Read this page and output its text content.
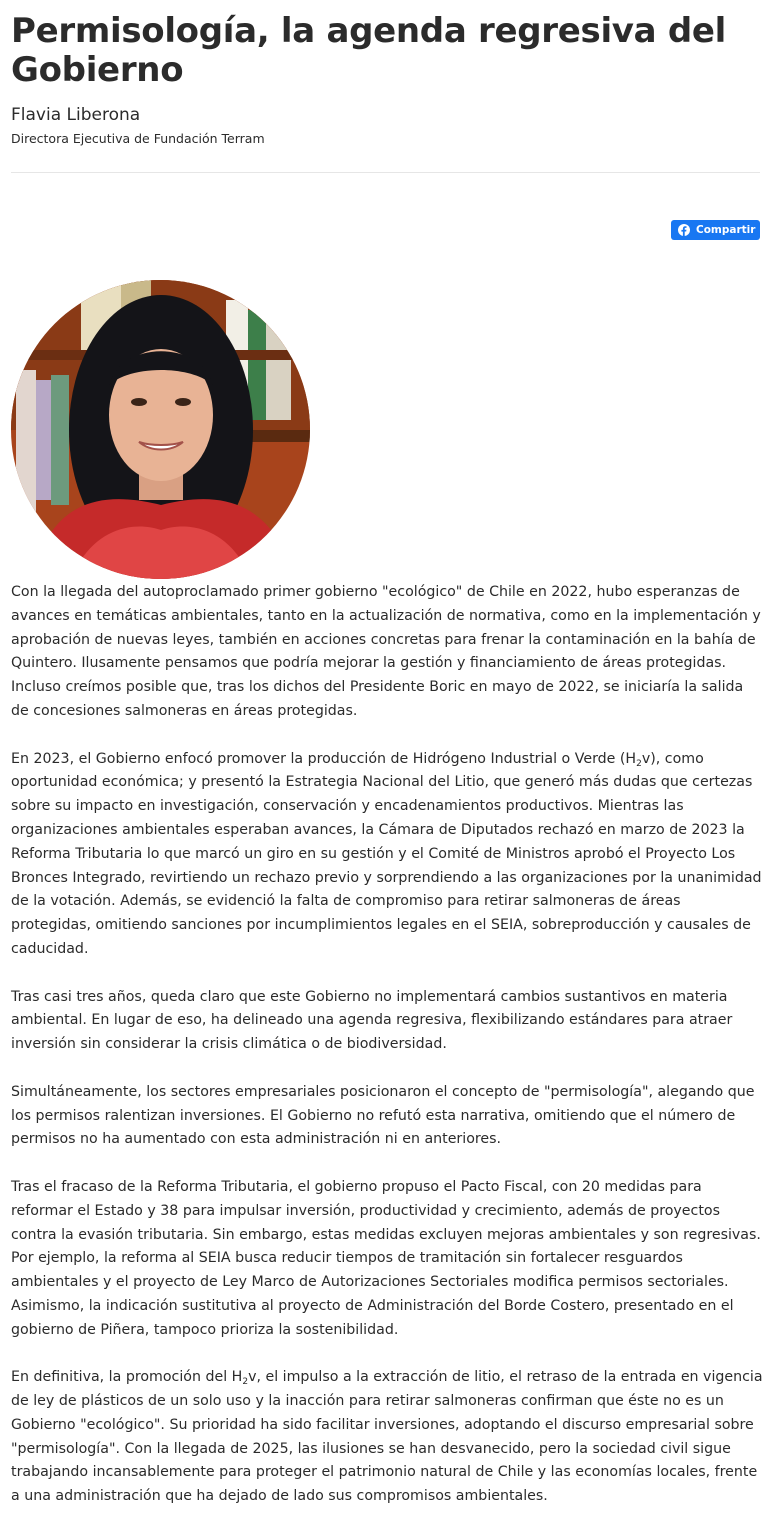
Permisología, la agenda regresiva del Gobierno
Flavia Liberona
Directora Ejecutiva de Fundación Terram
Compartir

Con la llegada del autoproclamado primer gobierno "ecológico" de Chile en 2022, hubo esperanzas de avances en temáticas ambientales, tanto en la actualización de normativa, como en la implementación y aprobación de nuevas leyes, también en acciones concretas para frenar la contaminación en la bahía de Quintero. Ilusamente pensamos que podría mejorar la gestión y financiamiento de áreas protegidas. Incluso creímos posible que, tras los dichos del Presidente Boric en mayo de 2022, se iniciaría la salida de concesiones salmoneras en áreas protegidas.

En 2023, el Gobierno enfocó promover la producción de Hidrógeno Industrial o Verde $(H_2v)$, como oportunidad económica; y presentó la Estrategia Nacional del Litio, que generó más dudas que certezas sobre su impacto en investigación, conservación y encadenamientos productivos. Mientras las organizaciones ambientales esperaban avances, la Cámara de Diputados rechazó en marzo de 2023 la Reforma Tributaria lo que marcó un giro en su gestión y el Comité de Ministros aprobó el Proyecto Los Bronces Integrado, revirtiendo un rechazo previo y sorprendiendo a las organizaciones por la unanimidad de la votación. Además, se evidenció la falta de compromiso para retirar salmoneras de áreas protegidas, omitiendo sanciones por incumplimientos legales en el SEIA, sobreproducción y causales de caducidad.

Tras casi tres años, queda claro que este Gobierno no implementará cambios sustantivos en materia ambiental. En lugar de eso, ha delineado una agenda regresiva, flexibilizando estándares para atraer inversión sin considerar la crisis climática o de biodiversidad.

Simultáneamente, los sectores empresariales posicionaron el concepto de "permisología", alegando que los permisos ralentizan inversiones. El Gobierno no refutó esta narrativa, omitiendo que el número de permisos no ha aumentado con esta administración ni en anteriores.

Tras el fracaso de la Reforma Tributaria, el gobierno propuso el Pacto Fiscal, con 20 medidas para reformar el Estado y 38 para impulsar inversión, productividad y crecimiento, además de proyectos contra la evasión tributaria. Sin embargo, estas medidas excluyen mejoras ambientales y son regresivas. Por ejemplo, la reforma al SEIA busca reducir tiempos de tramitación sin fortalecer resguardos ambientales y el proyecto de Ley Marco de Autorizaciones Sectoriales modifica permisos sectoriales. Asimismo, la indicación sustitutiva al proyecto de Administración del Borde Costero, presentado en el gobierno de Piñera, tampoco prioriza la sostenibilidad.

En definitiva, la promoción del $H_2v$, el impulso a la extracción de litio, el retraso de la entrada en vigencia de ley de plásticos de un solo uso y la inacción para retirar salmoneras confirman que éste no es un Gobierno "ecológico". Su prioridad ha sido facilitar inversiones, adoptando el discurso empresarial sobre "permisología". Con la llegada de 2025, las ilusiones se han desvanecido, pero la sociedad civil sigue trabajando incansablemente para proteger el patrimonio natural de Chile y las economías locales, frente a una administración que ha dejado de lado sus compromisos ambientales.
